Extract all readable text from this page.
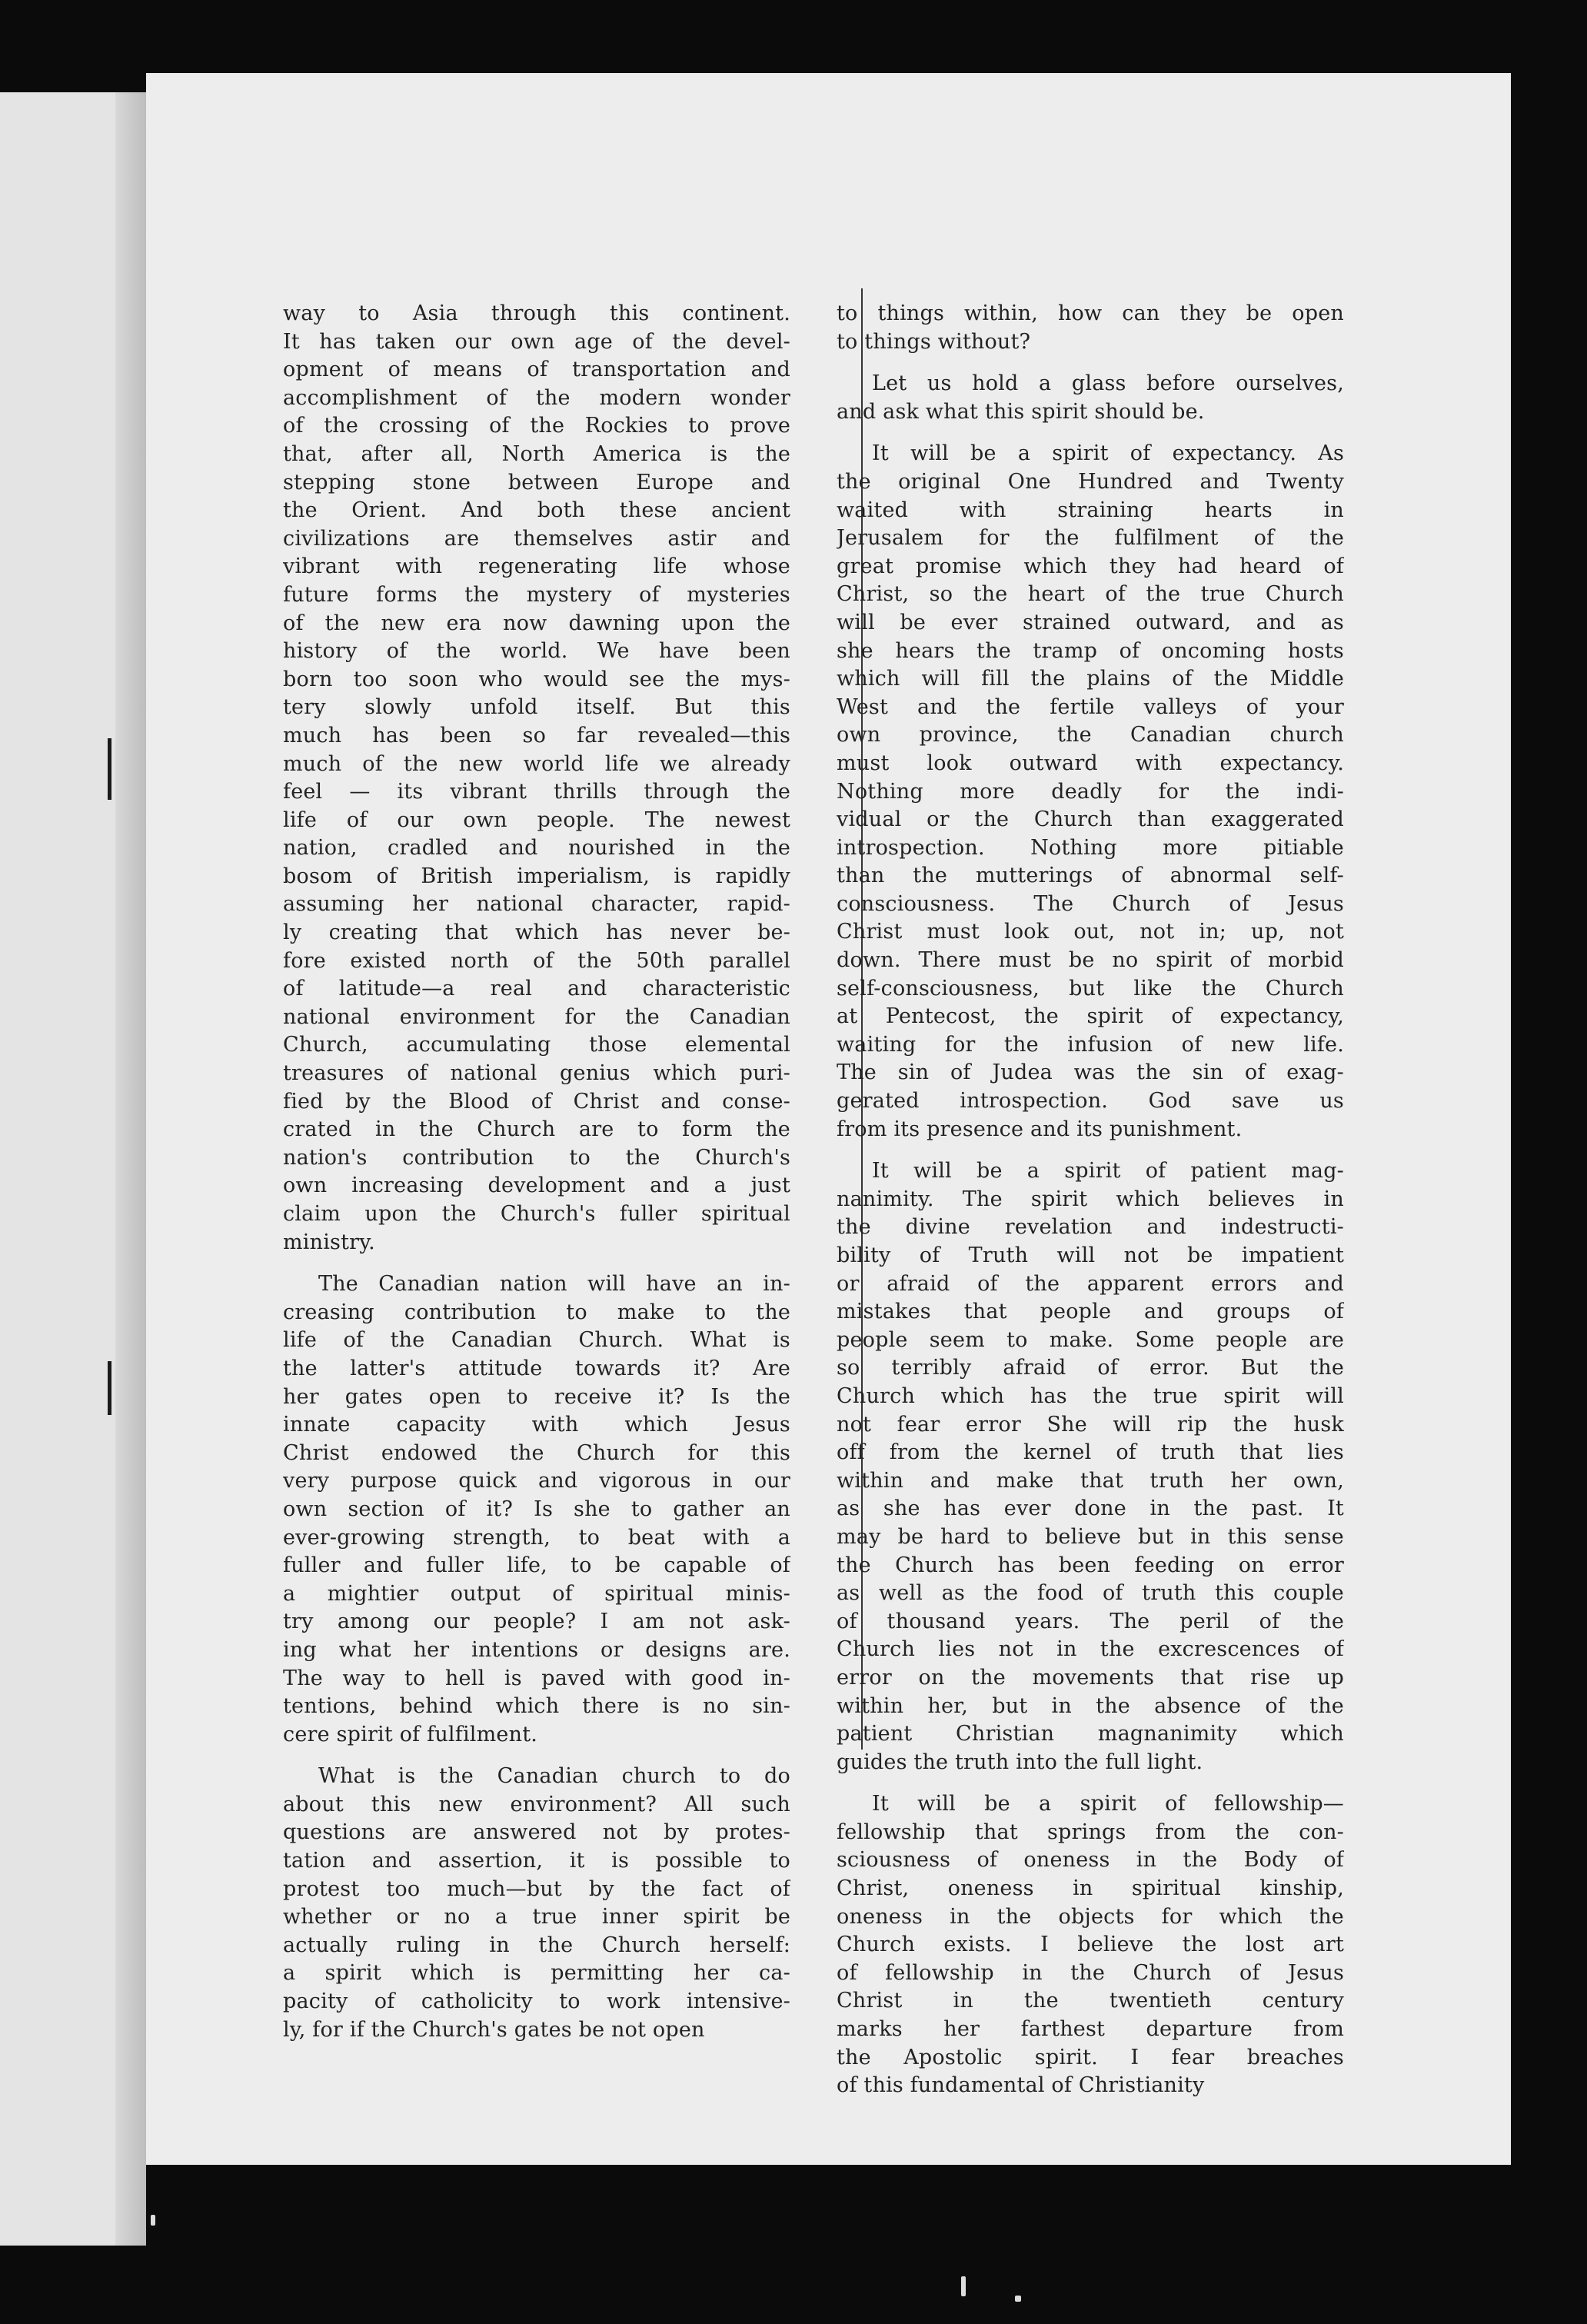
way to Asia through this continent.
It has taken our own age of the devel-
opment of means of transportation and
accomplishment of the modern wonder
of the crossing of the Rockies to prove
that, after all, North America is the
stepping stone between Europe and
the Orient. And both these ancient
civilizations are themselves astir and
vibrant with regenerating life whose
future forms the mystery of mysteries
of the new era now dawning upon the
history of the world. We have been
born too soon who would see the mys-
tery slowly unfold itself. But this
much has been so far revealed—this
much of the new world life we already
feel — its vibrant thrills through the
life of our own people. The newest
nation, cradled and nourished in the
bosom of British imperialism, is rapidly
assuming her national character, rapid-
ly creating that which has never be-
fore existed north of the 50th parallel
of latitude—a real and characteristic
national environment for the Canadian
Church, accumulating those elemental
treasures of national genius which puri-
fied by the Blood of Christ and conse-
crated in the Church are to form the
nation's contribution to the Church's
own increasing development and a just
claim upon the Church's fuller spiritual
ministry.
The Canadian nation will have an in-
creasing contribution to make to the
life of the Canadian Church. What is
the latter's attitude towards it? Are
her gates open to receive it? Is the
innate capacity with which Jesus
Christ endowed the Church for this
very purpose quick and vigorous in our
own section of it? Is she to gather an
ever-growing strength, to beat with a
fuller and fuller life, to be capable of
a mightier output of spiritual minis-
try among our people? I am not ask-
ing what her intentions or designs are.
The way to hell is paved with good in-
tentions, behind which there is no sin-
cere spirit of fulfilment.
What is the Canadian church to do
about this new environment? All such
questions are answered not by protes-
tation and assertion, it is possible to
protest too much—but by the fact of
whether or no a true inner spirit be
actually ruling in the Church herself:
a spirit which is permitting her ca-
pacity of catholicity to work intensive-
ly, for if the Church's gates be not open
to things within, how can they be open
to things without?
Let us hold a glass before ourselves,
and ask what this spirit should be.
It will be a spirit of expectancy. As
the original One Hundred and Twenty
waited with straining hearts in
Jerusalem for the fulfilment of the
great promise which they had heard of
Christ, so the heart of the true Church
will be ever strained outward, and as
she hears the tramp of oncoming hosts
which will fill the plains of the Middle
West and the fertile valleys of your
own province, the Canadian church
must look outward with expectancy.
Nothing more deadly for the indi-
vidual or the Church than exaggerated
introspection. Nothing more pitiable
than the mutterings of abnormal self-
consciousness. The Church of Jesus
Christ must look out, not in; up, not
down. There must be no spirit of morbid
self-consciousness, but like the Church
at Pentecost, the spirit of expectancy,
waiting for the infusion of new life.
The sin of Judea was the sin of exag-
gerated introspection. God save us
from its presence and its punishment.
It will be a spirit of patient mag-
nanimity. The spirit which believes in
the divine revelation and indestructi-
bility of Truth will not be impatient
or afraid of the apparent errors and
mistakes that people and groups of
people seem to make. Some people are
so terribly afraid of error. But the
Church which has the true spirit will
not fear error She will rip the husk
off from the kernel of truth that lies
within and make that truth her own,
as she has ever done in the past. It
may be hard to believe but in this sense
the Church has been feeding on error
as well as the food of truth this couple
of thousand years. The peril of the
Church lies not in the excrescences of
error on the movements that rise up
within her, but in the absence of the
patient Christian magnanimity which
guides the truth into the full light.
It will be a spirit of fellowship—
fellowship that springs from the con-
sciousness of oneness in the Body of
Christ, oneness in spiritual kinship,
oneness in the objects for which the
Church exists. I believe the lost art
of fellowship in the Church of Jesus
Christ in the twentieth century
marks her farthest departure from
the Apostolic spirit. I fear breaches
of this fundamental of Christianity
